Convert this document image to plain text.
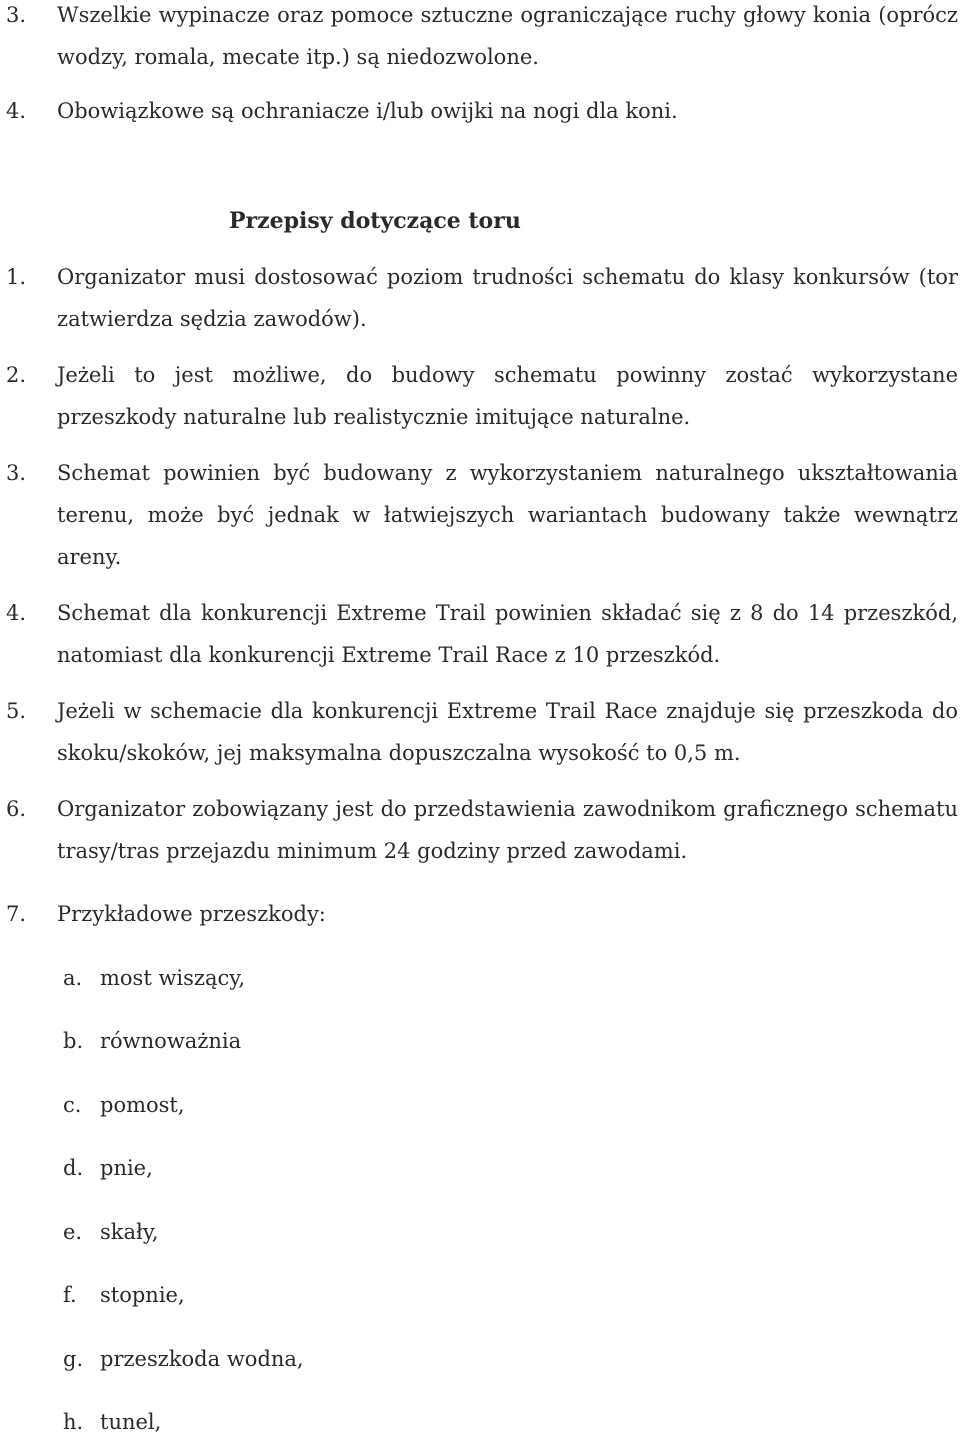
3. Wszelkie wypinacze oraz pomoce sztuczne ograniczające ruchy głowy konia (oprócz wodzy, romala, mecate itp.) są niedozwolone.
4. Obowiązkowe są ochraniacze i/lub owijki na nogi dla koni.
Przepisy dotyczące toru
1. Organizator musi dostosować poziom trudności schematu do klasy konkursów (tor zatwierdza sędzia zawodów).
2. Jeżeli to jest możliwe, do budowy schematu powinny zostać wykorzystane przeszkody naturalne lub realistycznie imitujące naturalne.
3. Schemat powinien być budowany z wykorzystaniem naturalnego ukształtowania terenu, może być jednak w łatwiejszych wariantach budowany także wewnątrz areny.
4. Schemat dla konkurencji Extreme Trail powinien składać się z 8 do 14 przeszkód, natomiast dla konkurencji Extreme Trail Race z 10 przeszkód.
5. Jeżeli w schemacie dla konkurencji Extreme Trail Race znajduje się przeszkoda do skoku/skoków, jej maksymalna dopuszczalna wysokość to 0,5 m.
6. Organizator zobowiązany jest do przedstawienia zawodnikom graficznego schematu trasy/tras przejazdu minimum 24 godziny przed zawodami.
7. Przykładowe przeszkody:
a. most wiszący,
b. równoważnia
c. pomost,
d. pnie,
e. skały,
f. stopnie,
g. przeszkoda wodna,
h. tunel,
